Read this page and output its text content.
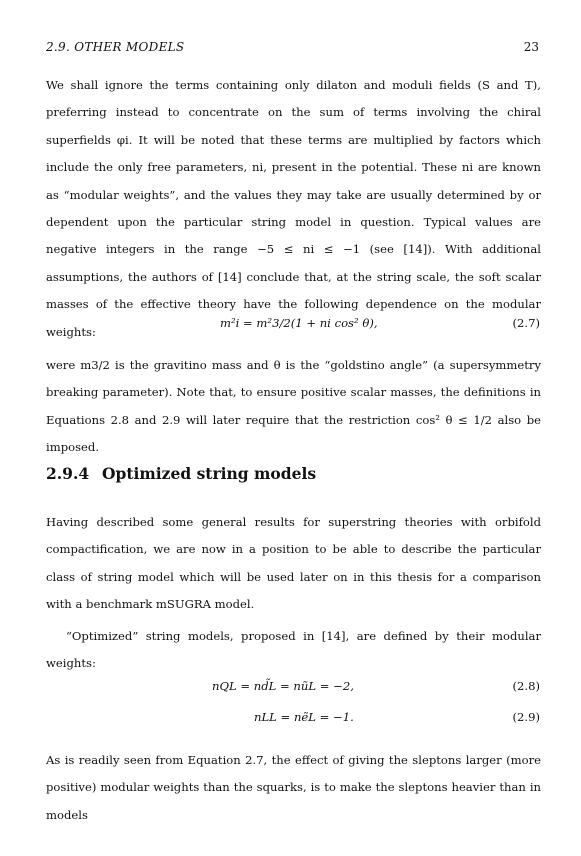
2.9. OTHER MODELS	23

We shall ignore the terms containing only dilaton and moduli fields (S and T), preferring instead to concentrate on the sum of terms involving the chiral superfields φi. It will be noted that these terms are multiplied by factors which include the only free parameters, ni, present in the potential. These ni are known as “modular weights”, and the values they may take are usually determined by or dependent upon the particular string model in question. Typical values are negative integers in the range −5 ≤ ni ≤ −1 (see [14]). With additional assumptions, the authors of [14] conclude that, at the string scale, the soft scalar masses of the effective theory have the following dependence on the modular weights:

m²i = m²3/2(1 + ni cos² θ),	(2.7)

were m3/2 is the gravitino mass and θ is the “goldstino angle” (a supersymmetry breaking parameter). Note that, to ensure positive scalar masses, the definitions in Equations 2.8 and 2.9 will later require that the restriction cos² θ ≤ 1/2 also be imposed.

2.9.4 Optimized string models

Having described some general results for superstring theories with orbifold compactification, we are now in a position to be able to describe the particular class of string model which will be used later on in this thesis for a comparison with a benchmark mSUGRA model.

“Optimized” string models, proposed in [14], are defined by their modular weights:

nQL = nd̃L = nũL = −2,	(2.8)
nLL = nẽL = −1.	(2.9)

As is readily seen from Equation 2.7, the effect of giving the sleptons larger (more positive) modular weights than the squarks, is to make the sleptons heavier than in models
